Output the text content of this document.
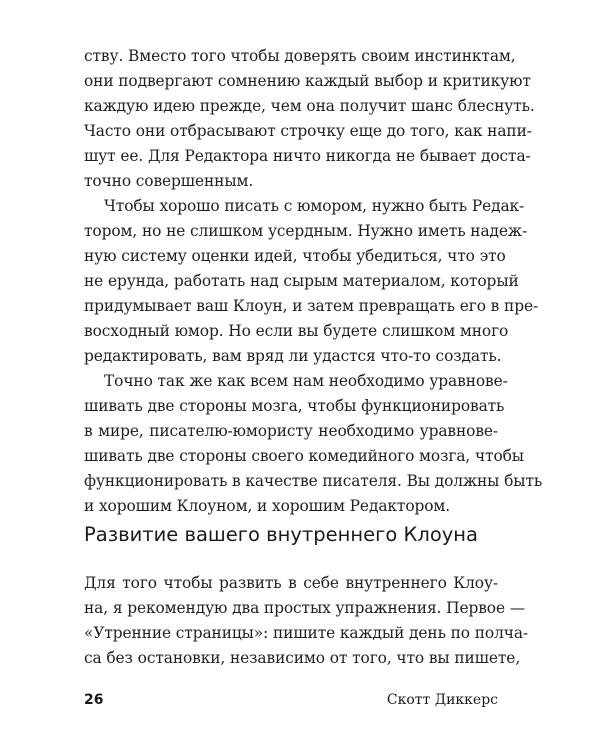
ству. Вместо того чтобы доверять своим инстинктам,
они подвергают сомнению каждый выбор и критикуют
каждую идею прежде, чем она получит шанс блеснуть.
Часто они отбрасывают строчку еще до того, как напи-
шут ее. Для Редактора ничто никогда не бывает доста-
точно совершенным.
Чтобы хорошо писать с юмором, нужно быть Редак-
тором, но не слишком усердным. Нужно иметь надеж-
ную систему оценки идей, чтобы убедиться, что это
не ерунда, работать над сырым материалом, который
придумывает ваш Клоун, и затем превращать его в пре-
восходный юмор. Но если вы будете слишком много
редактировать, вам вряд ли удастся что-то создать.
Точно так же как всем нам необходимо уравнове-
шивать две стороны мозга, чтобы функционировать
в мире, писателю-юмористу необходимо уравнове-
шивать две стороны своего комедийного мозга, чтобы
функционировать в качестве писателя. Вы должны быть
и хорошим Клоуном, и хорошим Редактором.
Развитие вашего внутреннего Клоуна
Для того чтобы развить в себе внутреннего Клоу-
на, я рекомендую два простых упражнения. Первое —
«Утренние страницы»: пишите каждый день по полча-
са без остановки, независимо от того, что вы пишете,
26	Скотт Диккерс
